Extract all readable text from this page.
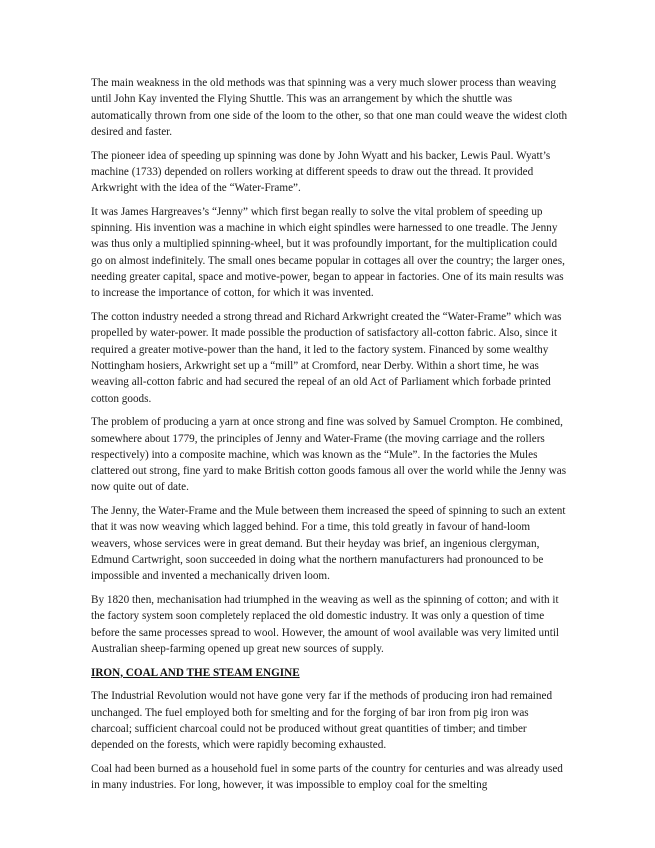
The main weakness in the old methods was that spinning was a very much slower process than weaving until John Kay invented the Flying Shuttle. This was an arrangement by which the shuttle was automatically thrown from one side of the loom to the other, so that one man could weave the widest cloth desired and faster.

The pioneer idea of speeding up spinning was done by John Wyatt and his backer, Lewis Paul. Wyatt’s machine (1733) depended on rollers working at different speeds to draw out the thread. It provided Arkwright with the idea of the “Water-Frame”.

It was James Hargreaves’s “Jenny” which first began really to solve the vital problem of speeding up spinning. His invention was a machine in which eight spindles were harnessed to one treadle. The Jenny was thus only a multiplied spinning-wheel, but it was profoundly important, for the multiplication could go on almost indefinitely. The small ones became popular in cottages all over the country; the larger ones, needing greater capital, space and motive-power, began to appear in factories. One of its main results was to increase the importance of cotton, for which it was invented.

The cotton industry needed a strong thread and Richard Arkwright created the “Water-Frame” which was propelled by water-power. It made possible the production of satisfactory all-cotton fabric. Also, since it required a greater motive-power than the hand, it led to the factory system. Financed by some wealthy Nottingham hosiers, Arkwright set up a “mill” at Cromford, near Derby. Within a short time, he was weaving all-cotton fabric and had secured the repeal of an old Act of Parliament which forbade printed cotton goods.

The problem of producing a yarn at once strong and fine was solved by Samuel Crompton. He combined, somewhere about 1779, the principles of Jenny and Water-Frame (the moving carriage and the rollers respectively) into a composite machine, which was known as the “Mule”. In the factories the Mules clattered out strong, fine yard to make British cotton goods famous all over the world while the Jenny was now quite out of date.

The Jenny, the Water-Frame and the Mule between them increased the speed of spinning to such an extent that it was now weaving which lagged behind. For a time, this told greatly in favour of hand-loom weavers, whose services were in great demand. But their heyday was brief, an ingenious clergyman, Edmund Cartwright, soon succeeded in doing what the northern manufacturers had pronounced to be impossible and invented a mechanically driven loom.

By 1820 then, mechanisation had triumphed in the weaving as well as the spinning of cotton; and with it the factory system soon completely replaced the old domestic industry. It was only a question of time before the same processes spread to wool. However, the amount of wool available was very limited until Australian sheep-farming opened up great new sources of supply.

IRON, COAL AND THE STEAM ENGINE

The Industrial Revolution would not have gone very far if the methods of producing iron had remained unchanged. The fuel employed both for smelting and for the forging of bar iron from pig iron was charcoal; sufficient charcoal could not be produced without great quantities of timber; and timber depended on the forests, which were rapidly becoming exhausted.

Coal had been burned as a household fuel in some parts of the country for centuries and was already used in many industries. For long, however, it was impossible to employ coal for the smelting
